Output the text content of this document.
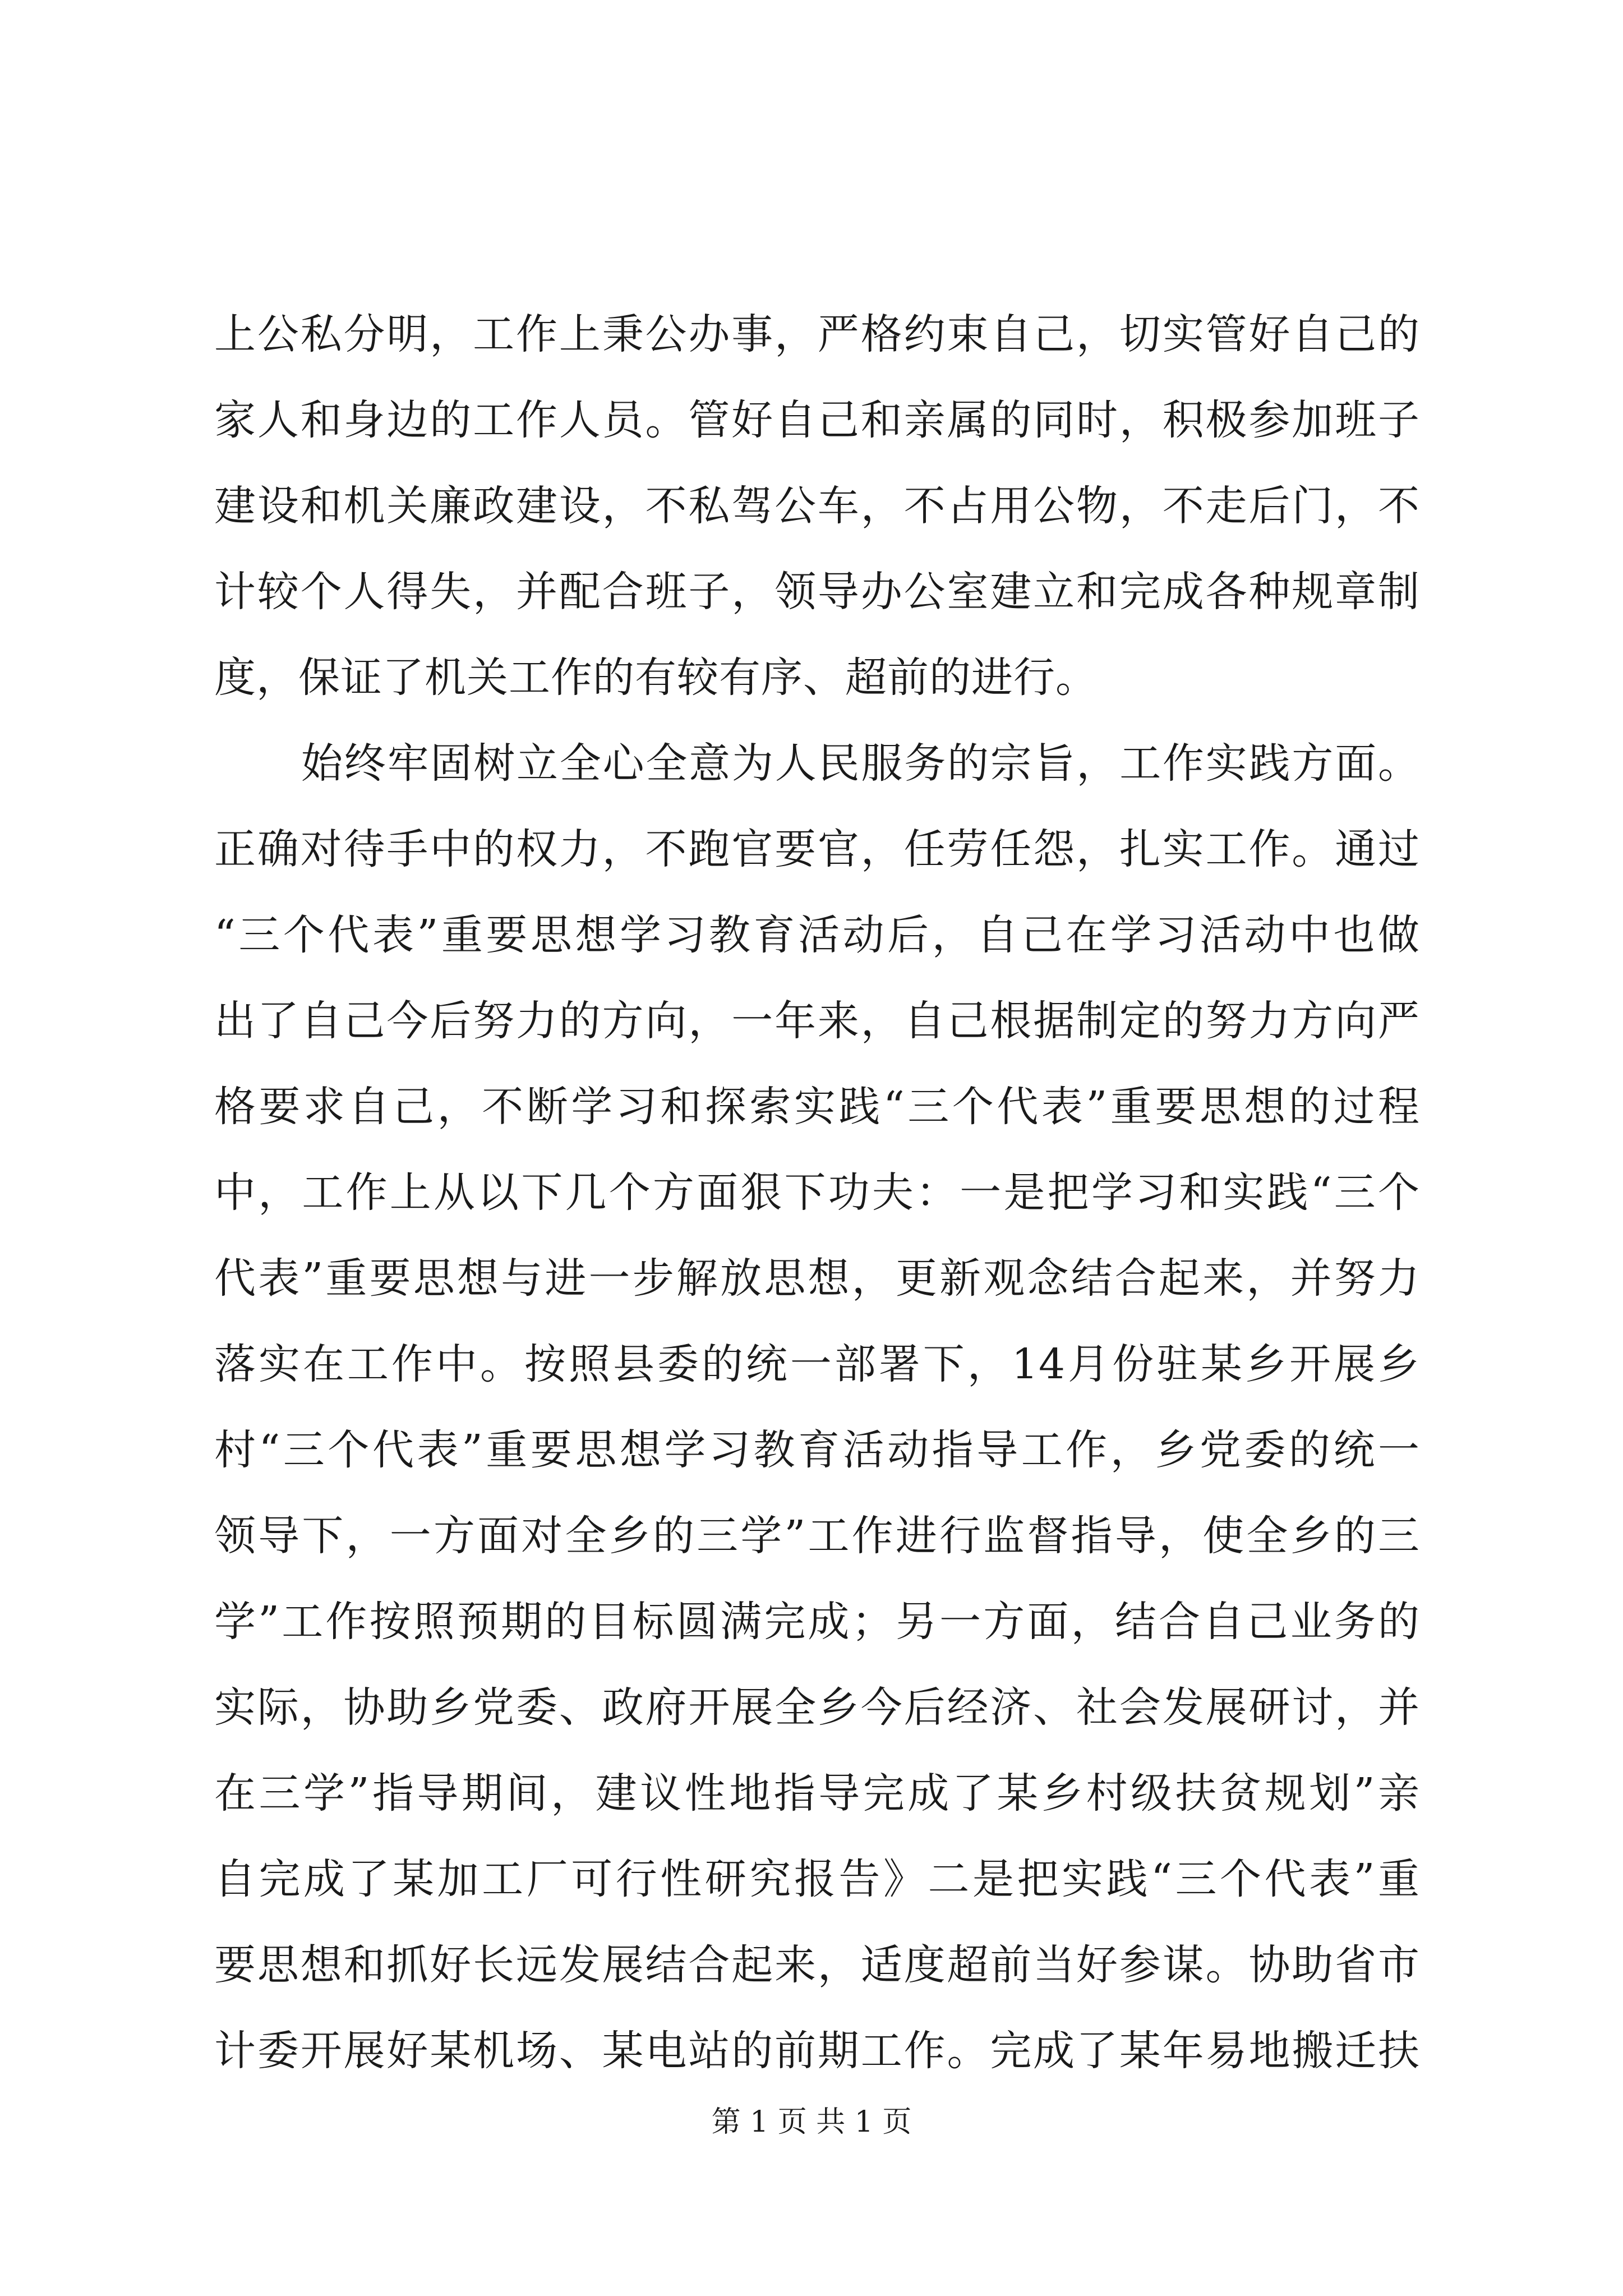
上公私分明，工作上秉公办事，严格约束自己，切实管好自己的
家人和身边的工作人员。管好自己和亲属的同时，积极参加班子
建设和机关廉政建设，不私驾公车，不占用公物，不走后门，不
计较个人得失，并配合班子，领导办公室建立和完成各种规章制
度，保证了机关工作的有较有序、超前的进行。
始终牢固树立全心全意为人民服务的宗旨，工作实践方面。
正确对待手中的权力，不跑官要官，任劳任怨，扎实工作。通过
“三个代表”重要思想学习教育活动后，自己在学习活动中也做
出了自己今后努力的方向，一年来，自己根据制定的努力方向严
格要求自己，不断学习和探索实践“三个代表”重要思想的过程
中，工作上从以下几个方面狠下功夫：一是把学习和实践“三个
代表”重要思想与进一步解放思想，更新观念结合起来，并努力
落实在工作中。按照县委的统一部署下，14月份驻某乡开展乡
村“三个代表”重要思想学习教育活动指导工作，乡党委的统一
领导下，一方面对全乡的三学”工作进行监督指导，使全乡的三
学”工作按照预期的目标圆满完成；另一方面，结合自己业务的
实际，协助乡党委、政府开展全乡今后经济、社会发展研讨，并
在三学”指导期间，建议性地指导完成了某乡村级扶贫规划”亲
自完成了某加工厂可行性研究报告》二是把实践“三个代表”重
要思想和抓好长远发展结合起来，适度超前当好参谋。协助省市
计委开展好某机场、某电站的前期工作。完成了某年易地搬迁扶
第 1 页 共 1 页
